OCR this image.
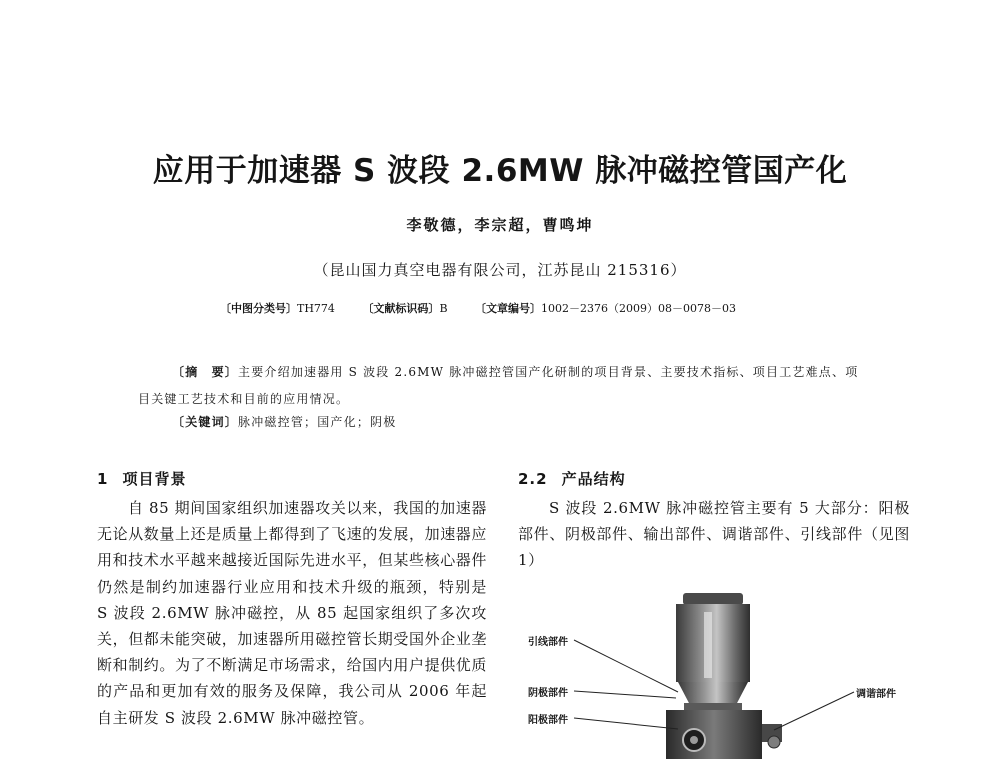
应用于加速器 S 波段 2.6MW 脉冲磁控管国产化
李敬德，李宗超，曹鸣坤
（昆山国力真空电器有限公司，江苏昆山 215316）
〔中图分类号〕TH774	〔文献标识码〕B	〔文章编号〕1002－2376（2009）08－0078－03

〔摘　要〕主要介绍加速器用 S 波段 2.6MW 脉冲磁控管国产化研制的项目背景、主要技术指标、项目工艺难点、项目关键工艺技术和目前的应用情况。

〔关键词〕脉冲磁控管；国产化；阴极
1 项目背景

自 85 期间国家组织加速器攻关以来，我国的加速器无论从数量上还是质量上都得到了飞速的发展，加速器应用和技术水平越来越接近国际先进水平，但某些核心器件仍然是制约加速器行业应用和技术升级的瓶颈，特别是 S 波段 2.6MW 脉冲磁控，从 85 起国家组织了多次攻关，但都未能突破，加速器所用磁控管长期受国外企业垄断和制约。为了不断满足市场需求，给国内用户提供优质的产品和更加有效的服务及保障，我公司从 2006 年起自主研发 S 波段 2.6MW 脉冲磁控管。

2.2 产品结构

S 波段 2.6MW 脉冲磁控管主要有 5 大部分：阳极部件、阴极部件、输出部件、调谐部件、引线部件（见图 1）

引线部件
阴极部件
阳极部件
调谐部件
